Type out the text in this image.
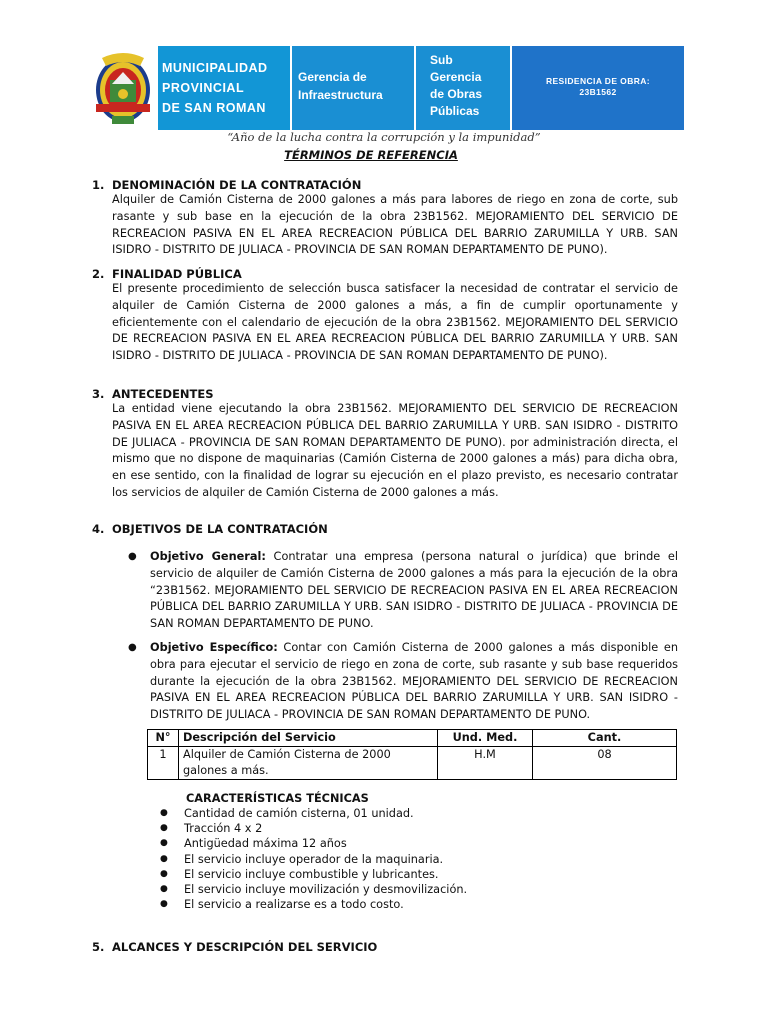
MUNICIPALIDAD
PROVINCIAL
DE SAN ROMAN
Gerencia de
Infraestructura
Sub
Gerencia
de Obras
Públicas
RESIDENCIA DE OBRA:
23B1562
“Año de la lucha contra la corrupción y la impunidad”
TÉRMINOS DE REFERENCIA
1. DENOMINACIÓN DE LA CONTRATACIÓN
Alquiler de Camión Cisterna de 2000 galones a más para labores de riego en zona de corte, sub rasante y sub base en la ejecución de la obra 23B1562. MEJORAMIENTO DEL SERVICIO DE RECREACION PASIVA EN EL AREA RECREACION PÚBLICA DEL BARRIO ZARUMILLA Y URB. SAN ISIDRO - DISTRITO DE JULIACA - PROVINCIA DE SAN ROMAN DEPARTAMENTO DE PUNO).
2. FINALIDAD PÚBLICA
El presente procedimiento de selección busca satisfacer la necesidad de contratar el servicio de alquiler de Camión Cisterna de 2000 galones a más, a fin de cumplir oportunamente y eficientemente con el calendario de ejecución de la obra 23B1562. MEJORAMIENTO DEL SERVICIO DE RECREACION PASIVA EN EL AREA RECREACION PÚBLICA DEL BARRIO ZARUMILLA Y URB. SAN ISIDRO - DISTRITO DE JULIACA - PROVINCIA DE SAN ROMAN DEPARTAMENTO DE PUNO).
3. ANTECEDENTES
La entidad viene ejecutando la obra 23B1562. MEJORAMIENTO DEL SERVICIO DE RECREACION PASIVA EN EL AREA RECREACION PÚBLICA DEL BARRIO ZARUMILLA Y URB. SAN ISIDRO - DISTRITO DE JULIACA - PROVINCIA DE SAN ROMAN DEPARTAMENTO DE PUNO). por administración directa, el mismo que no dispone de maquinarias (Camión Cisterna de 2000 galones a más) para dicha obra, en ese sentido, con la finalidad de lograr su ejecución en el plazo previsto, es necesario contratar los servicios de alquiler de Camión Cisterna de 2000 galones a más.
4. OBJETIVOS DE LA CONTRATACIÓN
● Objetivo General: Contratar una empresa (persona natural o jurídica) que brinde el servicio de alquiler de Camión Cisterna de 2000 galones a más para la ejecución de la obra “23B1562. MEJORAMIENTO DEL SERVICIO DE RECREACION PASIVA EN EL AREA RECREACION PÚBLICA DEL BARRIO ZARUMILLA Y URB. SAN ISIDRO - DISTRITO DE JULIACA - PROVINCIA DE SAN ROMAN DEPARTAMENTO DE PUNO.
● Objetivo Específico: Contar con Camión Cisterna de 2000 galones a más disponible en obra para ejecutar el servicio de riego en zona de corte, sub rasante y sub base requeridos durante la ejecución de la obra 23B1562. MEJORAMIENTO DEL SERVICIO DE RECREACION PASIVA EN EL AREA RECREACION PÚBLICA DEL BARRIO ZARUMILLA Y URB. SAN ISIDRO - DISTRITO DE JULIACA - PROVINCIA DE SAN ROMAN DEPARTAMENTO DE PUNO.
N°	Descripción del Servicio	Und. Med.	Cant.
1	Alquiler de Camión Cisterna de 2000 galones a más.	H.M	08
CARACTERÍSTICAS TÉCNICAS
● Cantidad de camión cisterna, 01 unidad.
● Tracción 4 x 2
● Antigüedad máxima 12 años
● El servicio incluye operador de la maquinaria.
● El servicio incluye combustible y lubricantes.
● El servicio incluye movilización y desmovilización.
● El servicio a realizarse es a todo costo.
5. ALCANCES Y DESCRIPCIÓN DEL SERVICIO
